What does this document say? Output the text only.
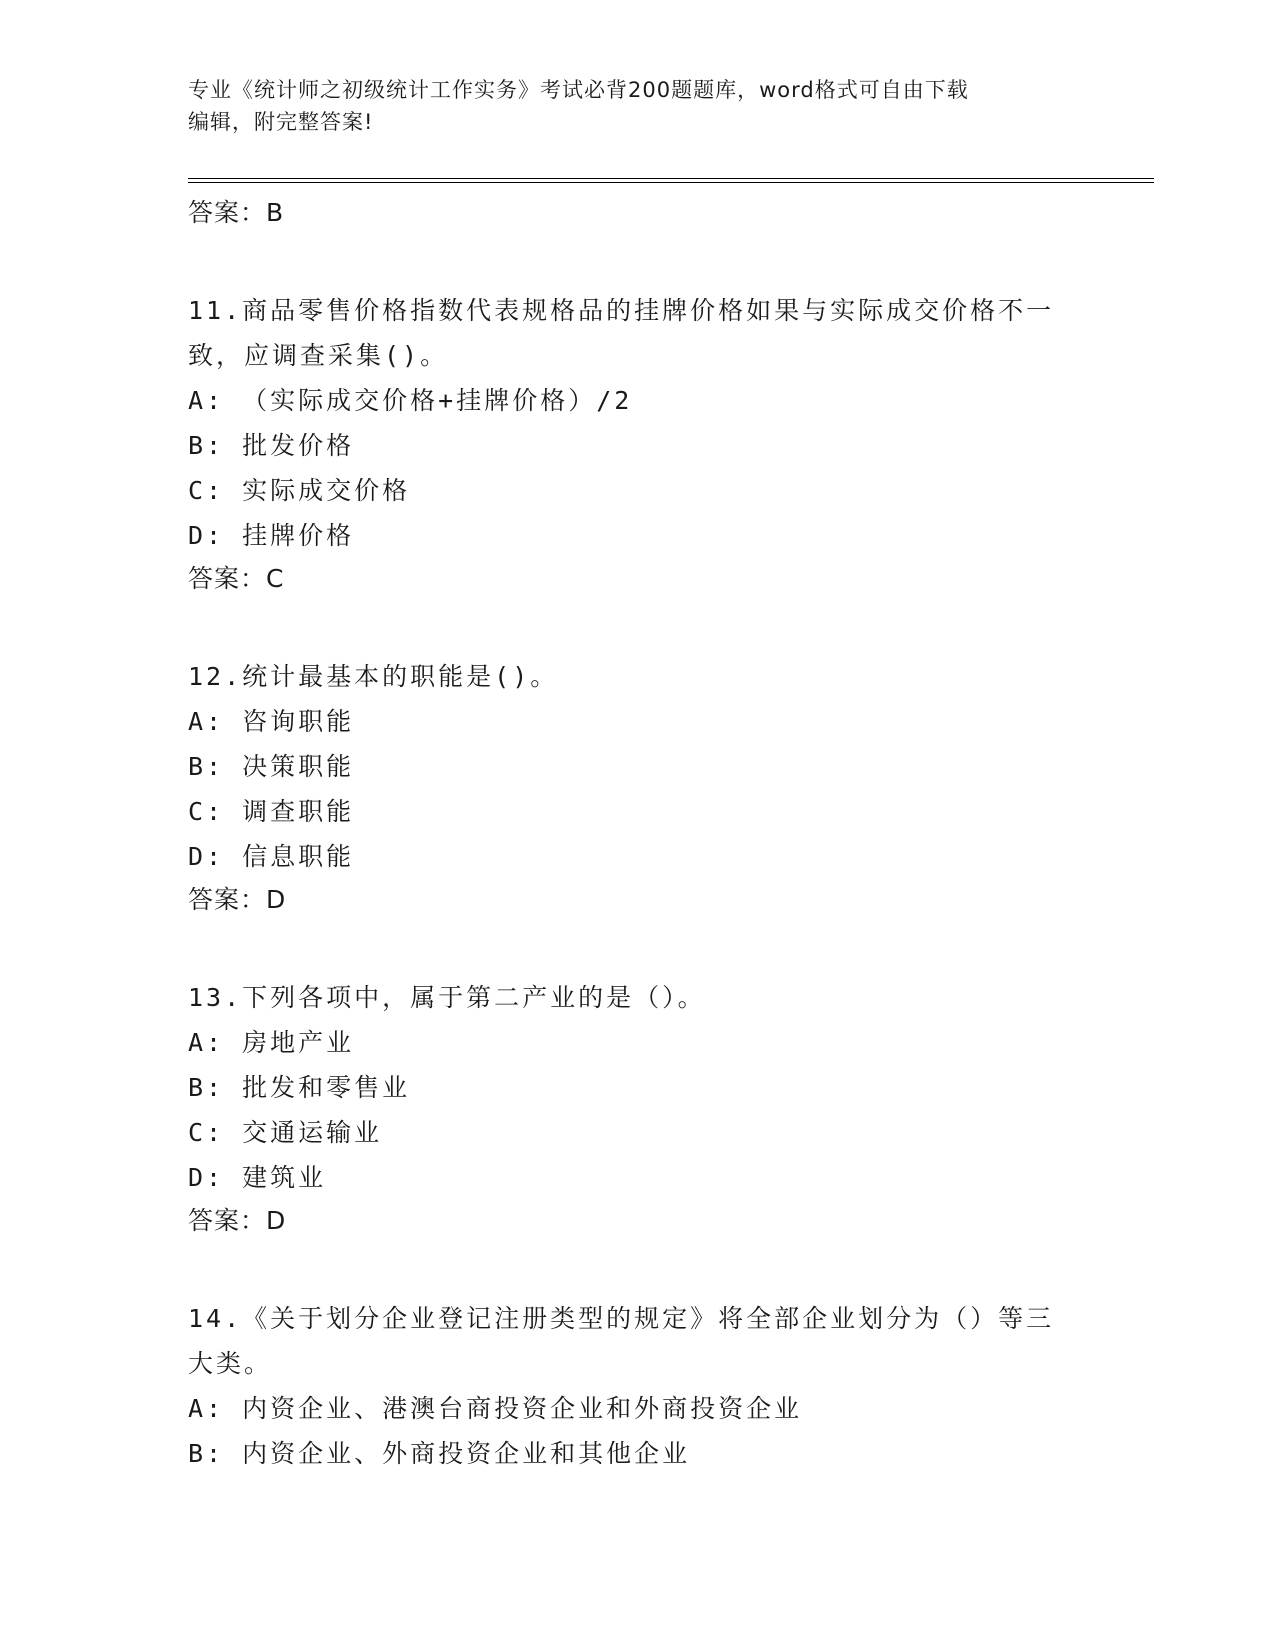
专业《统计师之初级统计工作实务》考试必背200题题库，word格式可自由下载
编辑，附完整答案!
答案：B
11.商品零售价格指数代表规格品的挂牌价格如果与实际成交价格不一
致，应调查采集()。
A: （实际成交价格+挂牌价格）/2
B: 批发价格
C: 实际成交价格
D: 挂牌价格
答案：C
12.统计最基本的职能是()。
A: 咨询职能
B: 决策职能
C: 调查职能
D: 信息职能
答案：D
13.下列各项中，属于第二产业的是（）。
A: 房地产业
B: 批发和零售业
C: 交通运输业
D: 建筑业
答案：D
14.《关于划分企业登记注册类型的规定》将全部企业划分为（）等三
大类。
A: 内资企业、港澳台商投资企业和外商投资企业
B: 内资企业、外商投资企业和其他企业
